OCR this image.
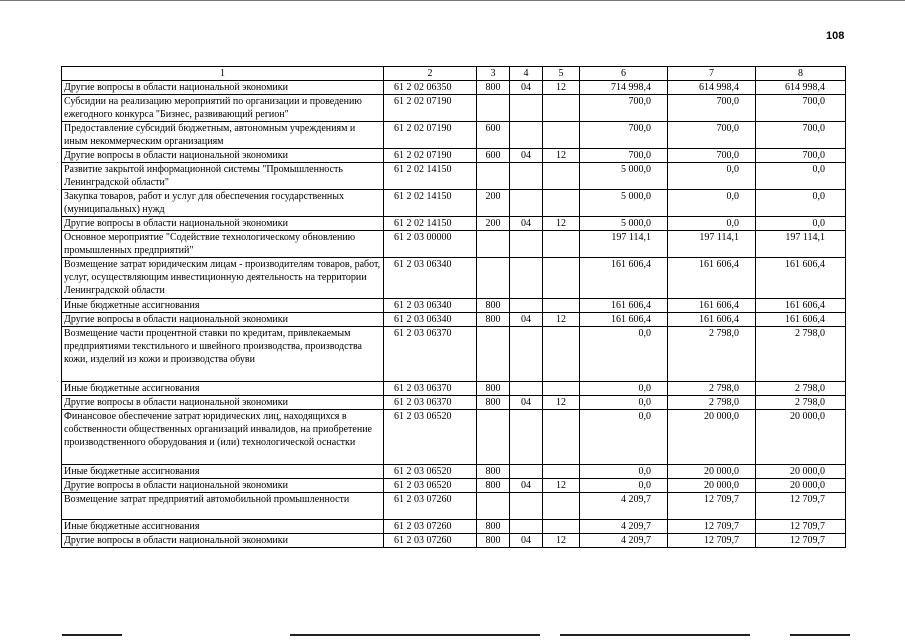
108
1	2	3	4	5	6	7	8
Другие вопросы в области национальной экономики	61 2 02 06350	800	04	12	714 998,4	614 998,4	614 998,4
Субсидии на реализацию мероприятий по организации и проведению ежегодного конкурса "Бизнес, развивающий регион"	61 2 02 07190				700,0	700,0	700,0
Предоставление субсидий бюджетным, автономным учреждениям и иным некоммерческим организациям	61 2 02 07190	600			700,0	700,0	700,0
Другие вопросы в области национальной экономики	61 2 02 07190	600	04	12	700,0	700,0	700,0
Развитие закрытой информационной системы "Промышленность Ленинградской области"	61 2 02 14150				5 000,0	0,0	0,0
Закупка товаров, работ и услуг для обеспечения государственных (муниципальных) нужд	61 2 02 14150	200			5 000,0	0,0	0,0
Другие вопросы в области национальной экономики	61 2 02 14150	200	04	12	5 000,0	0,0	0,0
Основное мероприятие "Содействие технологическому обновлению промышленных предприятий"	61 2 03 00000				197 114,1	197 114,1	197 114,1
Возмещение затрат юридическим лицам - производителям товаров, работ, услуг, осуществляющим инвестиционную деятельность на территории Ленинградской области	61 2 03 06340				161 606,4	161 606,4	161 606,4
Иные бюджетные ассигнования	61 2 03 06340	800			161 606,4	161 606,4	161 606,4
Другие вопросы в области национальной экономики	61 2 03 06340	800	04	12	161 606,4	161 606,4	161 606,4
Возмещение части процентной ставки по кредитам, привлекаемым предприятиями текстильного и швейного производства, производства кожи, изделий из кожи и производства обуви	61 2 03 06370				0,0	2 798,0	2 798,0
Иные бюджетные ассигнования	61 2 03 06370	800			0,0	2 798,0	2 798,0
Другие вопросы в области национальной экономики	61 2 03 06370	800	04	12	0,0	2 798,0	2 798,0
Финансовое обеспечение затрат юридических лиц, находящихся в собственности общественных организаций инвалидов, на приобретение производственного оборудования и (или) технологической оснастки	61 2 03 06520				0,0	20 000,0	20 000,0
Иные бюджетные ассигнования	61 2 03 06520	800			0,0	20 000,0	20 000,0
Другие вопросы в области национальной экономики	61 2 03 06520	800	04	12	0,0	20 000,0	20 000,0
Возмещение затрат предприятий автомобильной промышленности	61 2 03 07260				4 209,7	12 709,7	12 709,7
Иные бюджетные ассигнования	61 2 03 07260	800			4 209,7	12 709,7	12 709,7
Другие вопросы в области национальной экономики	61 2 03 07260	800	04	12	4 209,7	12 709,7	12 709,7
